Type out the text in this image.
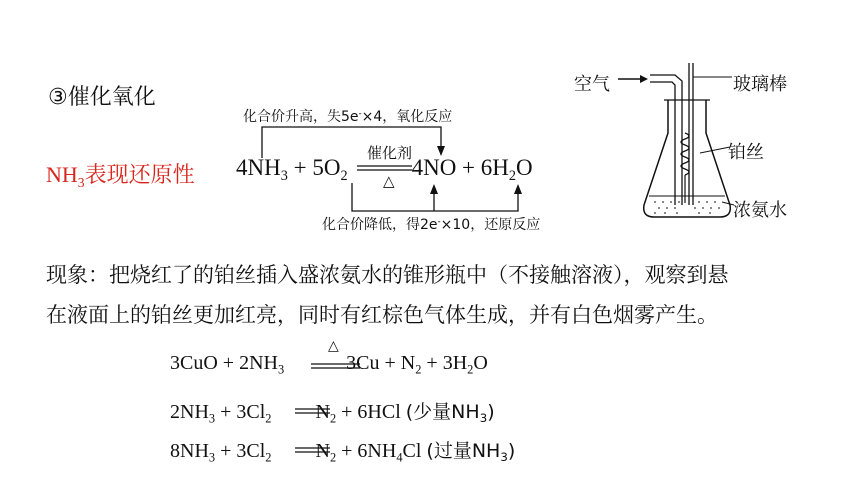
③催化氧化
$NH_3$表现还原性
化合价升高，失5e-×4，氧化反应
化合价降低，得2e-×10，还原反应
催化剂
△
$4NH_3 + 5O_2$	$4NO + 6H_2O$
空气	玻璃棒
铂丝
浓氨水
现象：把烧红了的铂丝插入盛浓氨水的锥形瓶中（不接触溶液），观察到悬
在液面上的铂丝更加红亮，同时有红棕色气体生成，并有白色烟雾产生。
△
$3CuO + 2NH_3$	$3Cu + N_2 + 3H_2O$
$2NH_3 + 3Cl_2$ $N_2 + 6HCl$ (少量$NH_3$)
$8NH_3 + 3Cl_2$ $N_2 + 6NH_4Cl$ (过量$NH_3$)
